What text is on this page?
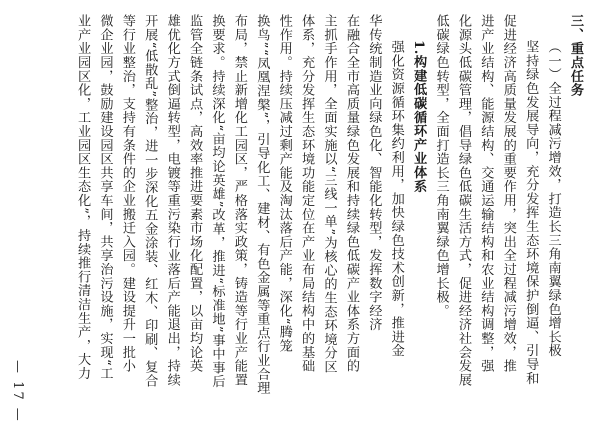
三、重点任务
（一）全过程减污增效，打造长三角南翼绿色增长极
坚持绿色发展导向，充分发挥生态环境保护倒逼、引导和
促进经济高质量发展的重要作用，突出全过程减污增效，推
进产业结构、能源结构、交通运输结构和农业结构调整，强
化源头低碳管理，倡导绿色低碳生活方式，促进经济社会发展
低碳绿色转型，全面打造长三角南翼绿色增长极。
1.构建低碳循环产业体系
强化资源循环集约利用，加快绿色技术创新，推进金
华传统制造业向绿色化、智能化转型，发挥数字经济
在融合全市高质量绿色发展和持续绿色低碳产业体系方面的
主抓手作用，全面实施以“三线一单”为核心的生态环境分区
体系，充分发挥生态环境功能定位在产业布局结构中的基础
性作用。持续压减过剩产能及淘汰落后产能，深化“腾笼
换鸟”“凤凰涅槃”，引导化工、建材、有色金属等重点行业合理
布局，禁止新增化工园区，严格落实政策，铸造等行业产能置
换要求。持续深化“亩均论英雄”改革，推进“标准地”事中事后
监管全链条试点，高效率推进要素市场化配置，以亩均论英
雄优化方式倒逼转型，电镀等重污染行业落后产能退出，持续
开展“低散乱”整治，进一步深化五金涂装、红木、印刷、复合
等行业整治，支持有条件的企业搬迁入园。建设提升一批小
微企业园，鼓励建设园区共享车间，共享治污设施，实现“工
业产业园区化，工业园区生态化”，持续推行清洁生产，大力
— 17 —
